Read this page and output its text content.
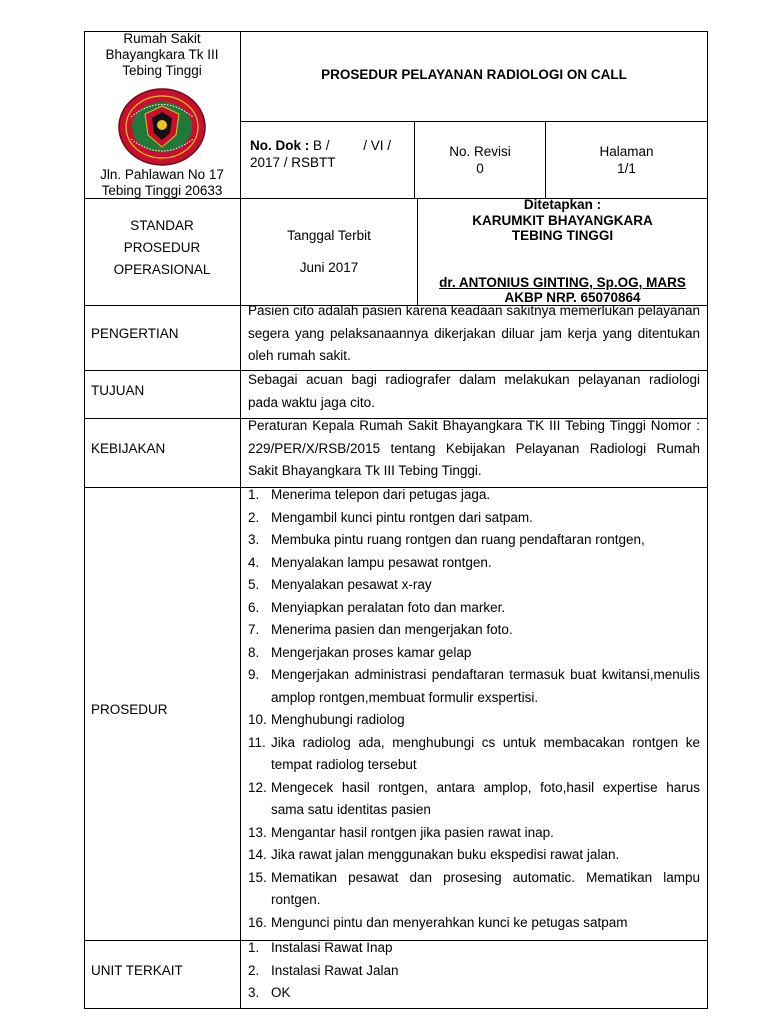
Rumah Sakit
Bhayangkara Tk III
Tebing Tinggi
Jln. Pahlawan No 17
Tebing Tinggi 20633
PROSEDUR PELAYANAN RADIOLOGI ON CALL
No. Dok : B /         / VI /
2017 / RSBTT
No. Revisi
0
Halaman
1/1
STANDAR
PROSEDUR
OPERASIONAL
Tanggal Terbit
Juni 2017
Ditetapkan :
KARUMKIT BHAYANGKARA
TEBING TINGGI
dr. ANTONIUS GINTING, Sp.OG, MARS
AKBP NRP. 65070864
PENGERTIAN
Pasien cito adalah pasien karena keadaan sakitnya memerlukan pelayanan segera yang pelaksanaannya dikerjakan diluar jam kerja yang ditentukan oleh rumah sakit.
TUJUAN
Sebagai acuan bagi radiografer dalam melakukan pelayanan radiologi pada waktu jaga cito.
KEBIJAKAN
Peraturan Kepala Rumah Sakit Bhayangkara TK III Tebing Tinggi Nomor : 229/PER/X/RSB/2015 tentang Kebijakan Pelayanan Radiologi Rumah Sakit Bhayangkara Tk III Tebing Tinggi.
PROSEDUR
1. Menerima telepon dari petugas jaga.
2. Mengambil kunci pintu rontgen dari satpam.
3. Membuka pintu ruang rontgen dan ruang pendaftaran rontgen,
4. Menyalakan lampu pesawat rontgen.
5. Menyalakan pesawat x-ray
6. Menyiapkan peralatan foto dan marker.
7. Menerima pasien dan mengerjakan foto.
8. Mengerjakan proses kamar gelap
9. Mengerjakan administrasi pendaftaran termasuk buat kwitansi,menulis amplop rontgen,membuat formulir exspertisi.
10. Menghubungi radiolog
11. Jika radiolog ada, menghubungi cs untuk membacakan rontgen ke tempat radiolog tersebut
12. Mengecek hasil rontgen, antara amplop, foto,hasil expertise harus sama satu identitas pasien
13. Mengantar hasil rontgen jika pasien rawat inap.
14. Jika rawat jalan menggunakan buku ekspedisi rawat jalan.
15. Mematikan pesawat dan prosesing automatic. Mematikan lampu rontgen.
16. Mengunci pintu dan menyerahkan kunci ke petugas satpam
UNIT TERKAIT
1. Instalasi Rawat Inap
2. Instalasi Rawat Jalan
3. OK
